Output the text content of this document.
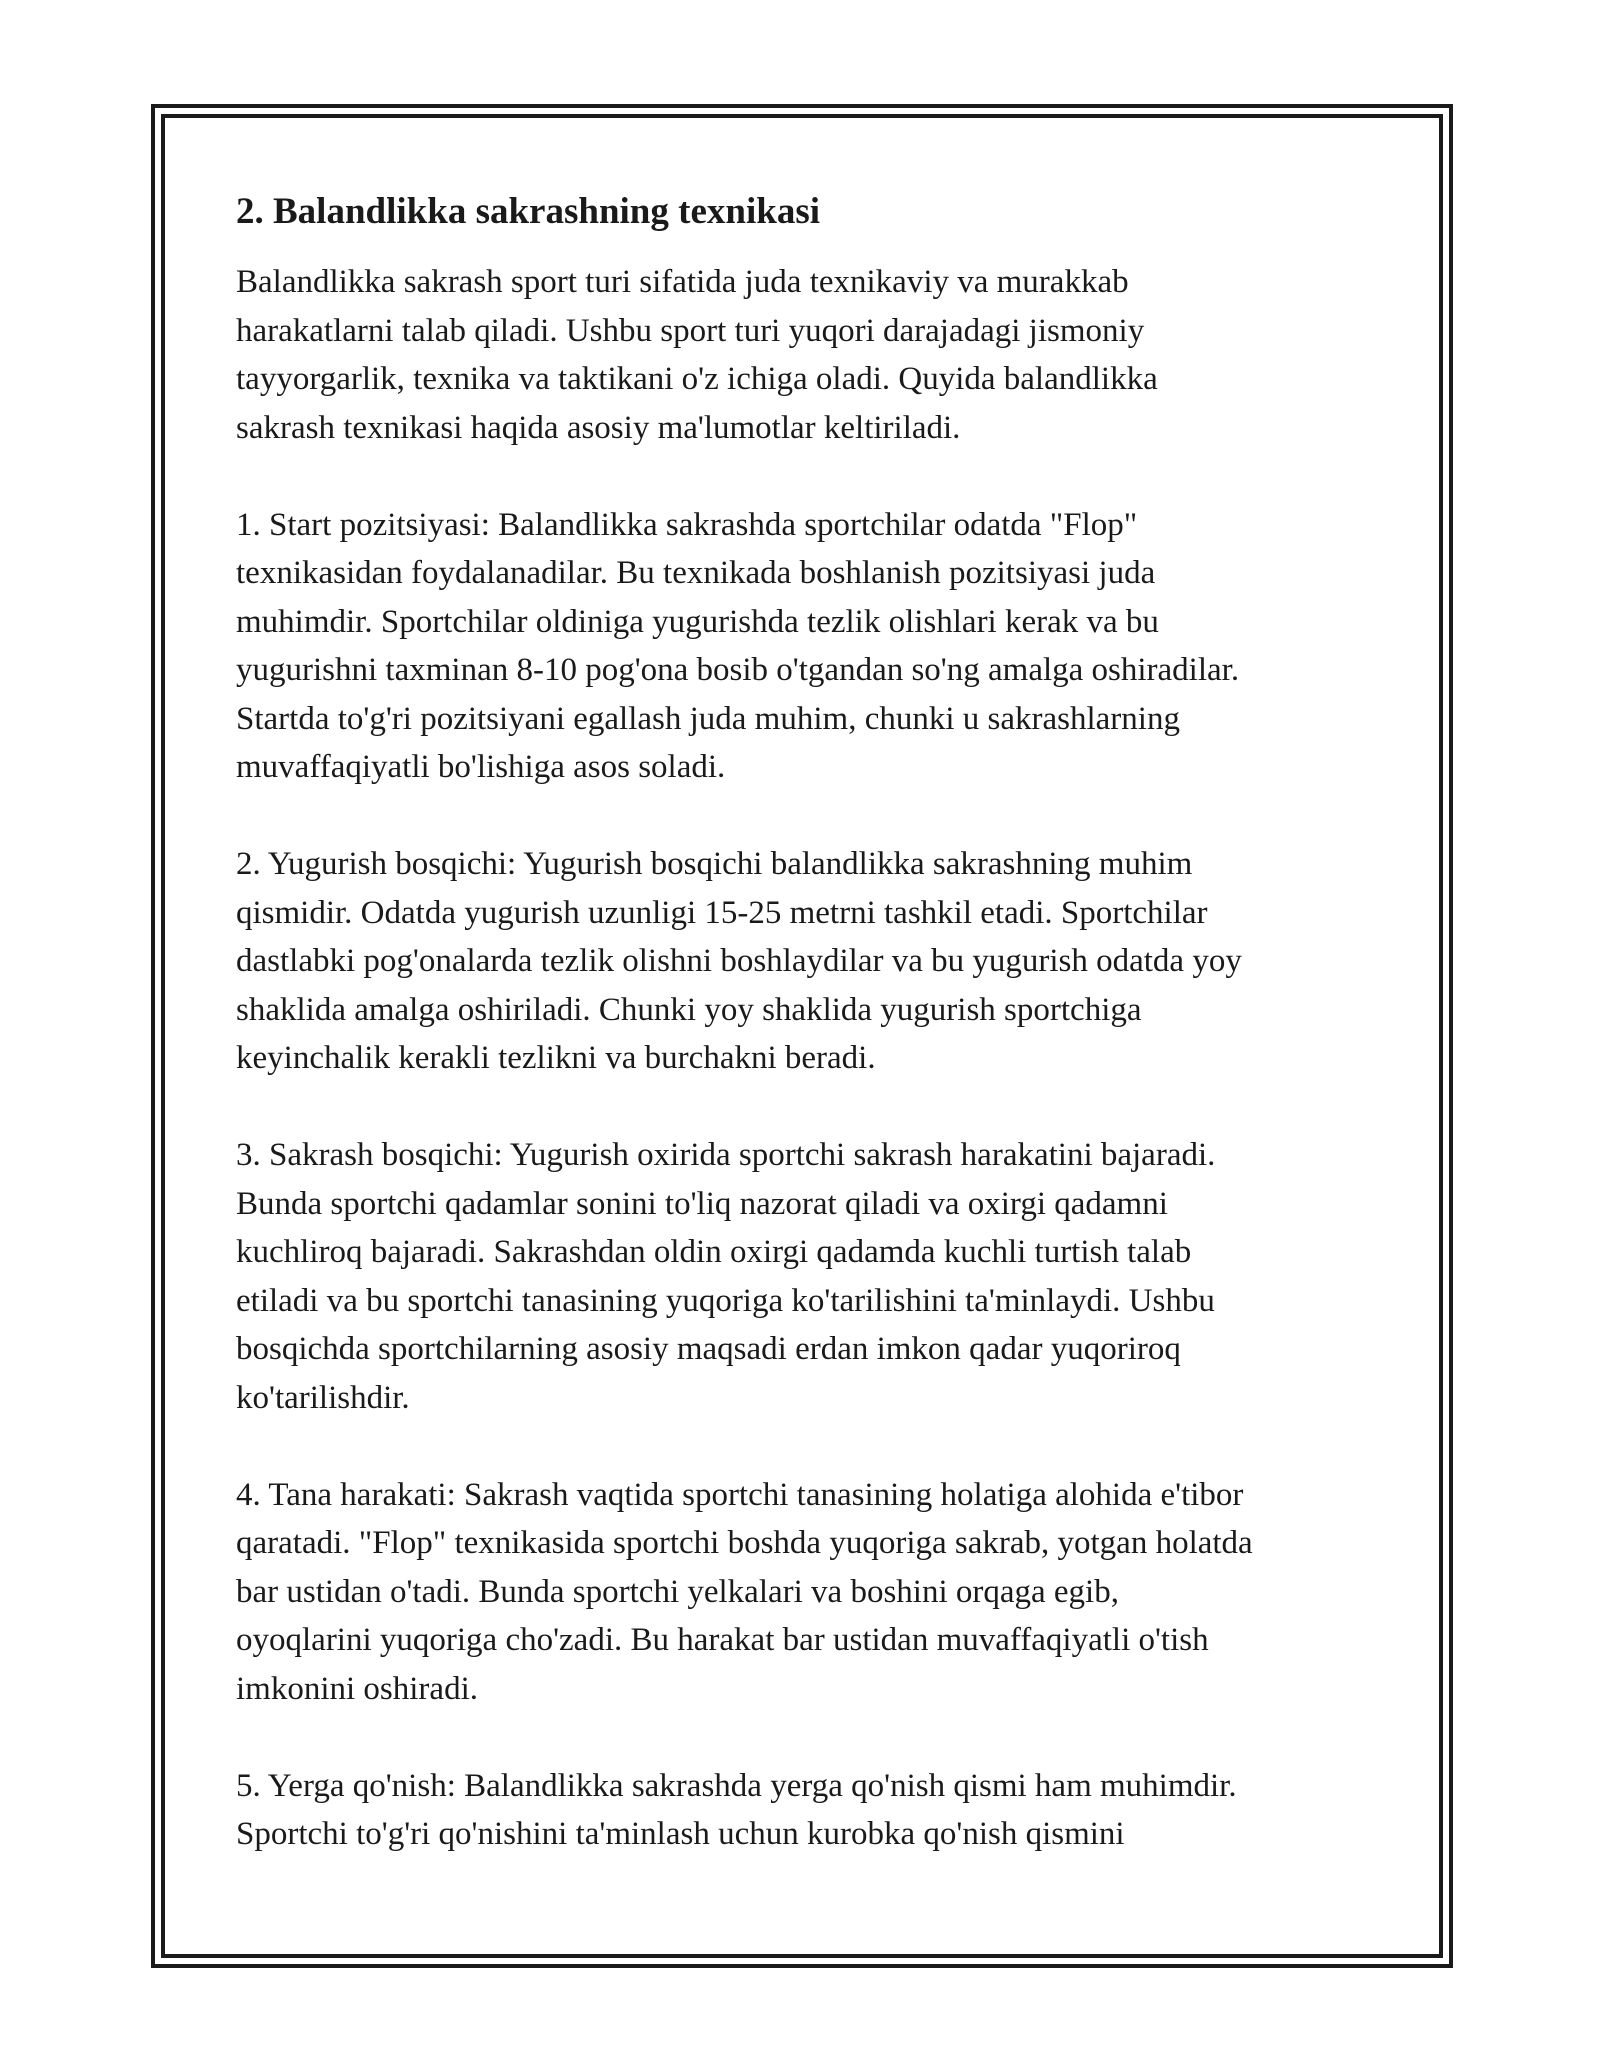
2. Balandlikka sakrashning texnikasi

Balandlikka sakrash sport turi sifatida juda texnikaviy va murakkab
harakatlarni talab qiladi. Ushbu sport turi yuqori darajadagi jismoniy
tayyorgarlik, texnika va taktikani o'z ichiga oladi. Quyida balandlikka
sakrash texnikasi haqida asosiy ma'lumotlar keltiriladi.

1. Start pozitsiyasi: Balandlikka sakrashda sportchilar odatda "Flop"
texnikasidan foydalanadilar. Bu texnikada boshlanish pozitsiyasi juda
muhimdir. Sportchilar oldiniga yugurishda tezlik olishlari kerak va bu
yugurishni taxminan 8-10 pog'ona bosib o'tgandan so'ng amalga oshiradilar.
Startda to'g'ri pozitsiyani egallash juda muhim, chunki u sakrashlarning
muvaffaqiyatli bo'lishiga asos soladi.

2. Yugurish bosqichi: Yugurish bosqichi balandlikka sakrashning muhim
qismidir. Odatda yugurish uzunligi 15-25 metrni tashkil etadi. Sportchilar
dastlabki pog'onalarda tezlik olishni boshlaydilar va bu yugurish odatda yoy
shaklida amalga oshiriladi. Chunki yoy shaklida yugurish sportchiga
keyinchalik kerakli tezlikni va burchakni beradi.

3. Sakrash bosqichi: Yugurish oxirida sportchi sakrash harakatini bajaradi.
Bunda sportchi qadamlar sonini to'liq nazorat qiladi va oxirgi qadamni
kuchliroq bajaradi. Sakrashdan oldin oxirgi qadamda kuchli turtish talab
etiladi va bu sportchi tanasining yuqoriga ko'tarilishini ta'minlaydi. Ushbu
bosqichda sportchilarning asosiy maqsadi erdan imkon qadar yuqoriroq
ko'tarilishdir.

4. Tana harakati: Sakrash vaqtida sportchi tanasining holatiga alohida e'tibor
qaratadi. "Flop" texnikasida sportchi boshda yuqoriga sakrab, yotgan holatda
bar ustidan o'tadi. Bunda sportchi yelkalari va boshini orqaga egib,
oyoqlarini yuqoriga cho'zadi. Bu harakat bar ustidan muvaffaqiyatli o'tish
imkonini oshiradi.

5. Yerga qo'nish: Balandlikka sakrashda yerga qo'nish qismi ham muhimdir.
Sportchi to'g'ri qo'nishini ta'minlash uchun kurobka qo'nish qismini
